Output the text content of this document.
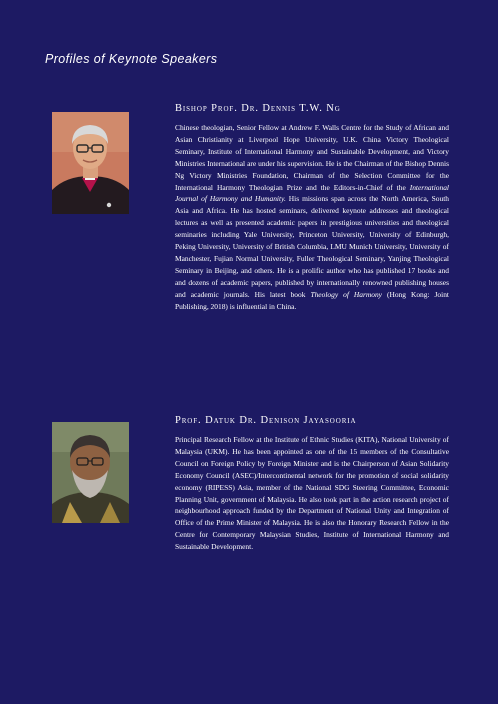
Profiles of Keynote Speakers
Bishop Prof. Dr. Dennis T.W. Ng

Chinese theologian, Senior Fellow at Andrew F. Walls Centre for the Study of African and Asian Christianity at Liverpool Hope University, U.K. China Victory Theological Seminary, Institute of International Harmony and Sustainable Development, and Victory Ministries International are under his supervision. He is the Chairman of the Bishop Dennis Ng Victory Ministries Foundation, Chairman of the Selection Committee for the International Harmony Theologian Prize and the Editors-in-Chief of the International Journal of Harmony and Humanity. His missions span across the North America, South Asia and Africa. He has hosted seminars, delivered keynote addresses and theological lectures as well as presented academic papers in prestigious universities and theological seminaries including Yale University, Princeton University, University of Edinburgh, Peking University, University of British Columbia, LMU Munich University, University of Manchester, Fujian Normal University, Fuller Theological Seminary, Yanjing Theological Seminary in Beijing, and others. He is a prolific author who has published 17 books and and dozens of academic papers, published by internationally renowned publishing houses and academic journals. His latest book Theology of Harmony (Hong Kong: Joint Publishing, 2018) is influential in China.

Prof. Datuk Dr. Denison Jayasooria

Principal Research Fellow at the Institute of Ethnic Studies (KITA), National University of Malaysia (UKM). He has been appointed as one of the 15 members of the Consultative Council on Foreign Policy by Foreign Minister and is the Chairperson of Asian Solidarity Economy Council (ASEC)/Intercontinental network for the promotion of social solidarity economy (RIPESS) Asia, member of the National SDG Steering Committee, Economic Planning Unit, government of Malaysia. He also took part in the action research project of neighbourhood approach funded by the Department of National Unity and Integration of Office of the Prime Minister of Malaysia. He is also the Honorary Research Fellow in the Centre for Contemporary Malaysian Studies, Institute of International Harmony and Sustainable Development.
